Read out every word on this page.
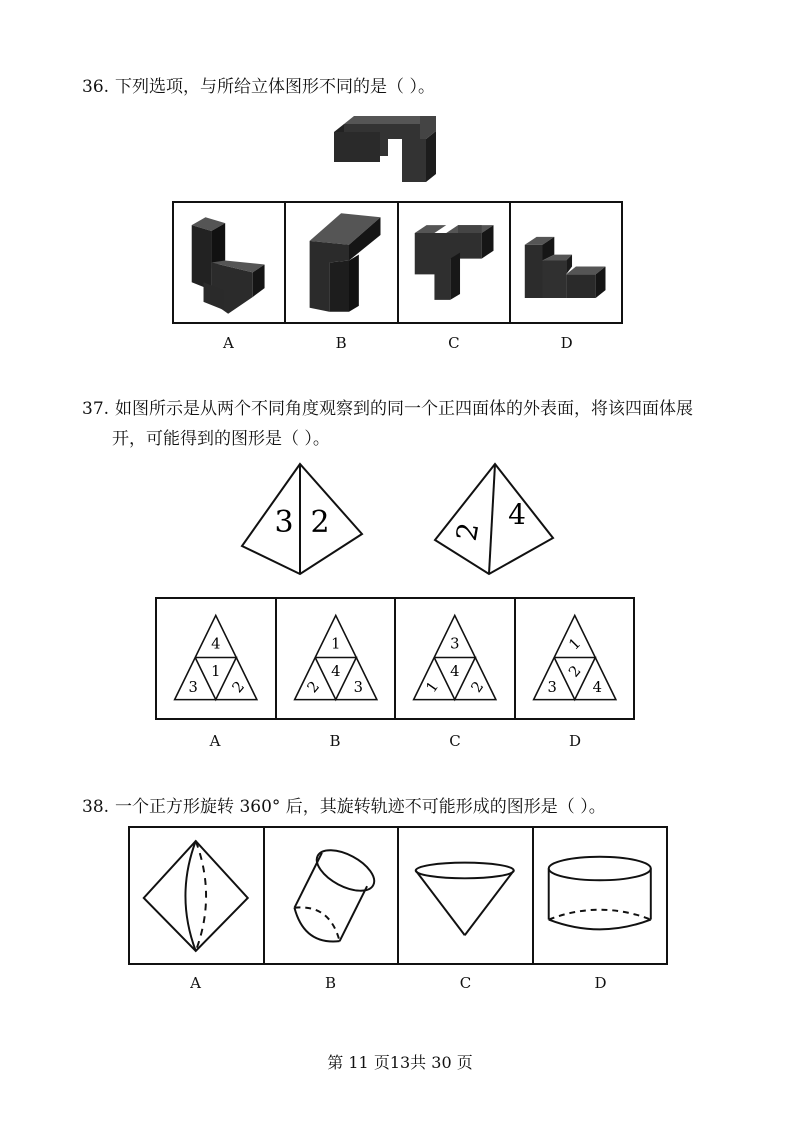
36. 下列选项，与所给立体图形不同的是（ ）。
A	B	C	D
37. 如图所示是从两个不同角度观察到的同一个正四面体的外表面，将该四面体展
开，可能得到的图形是（ ）。
3 2	2
4
4
3
1
2
1
2
4
3
3
1
4
2
1
3
2
4
A	B	C	D
38. 一个正方形旋转 360° 后，其旋转轨迹不可能形成的图形是（ ）。
A	B	C	D
第 11 页13共 30 页
